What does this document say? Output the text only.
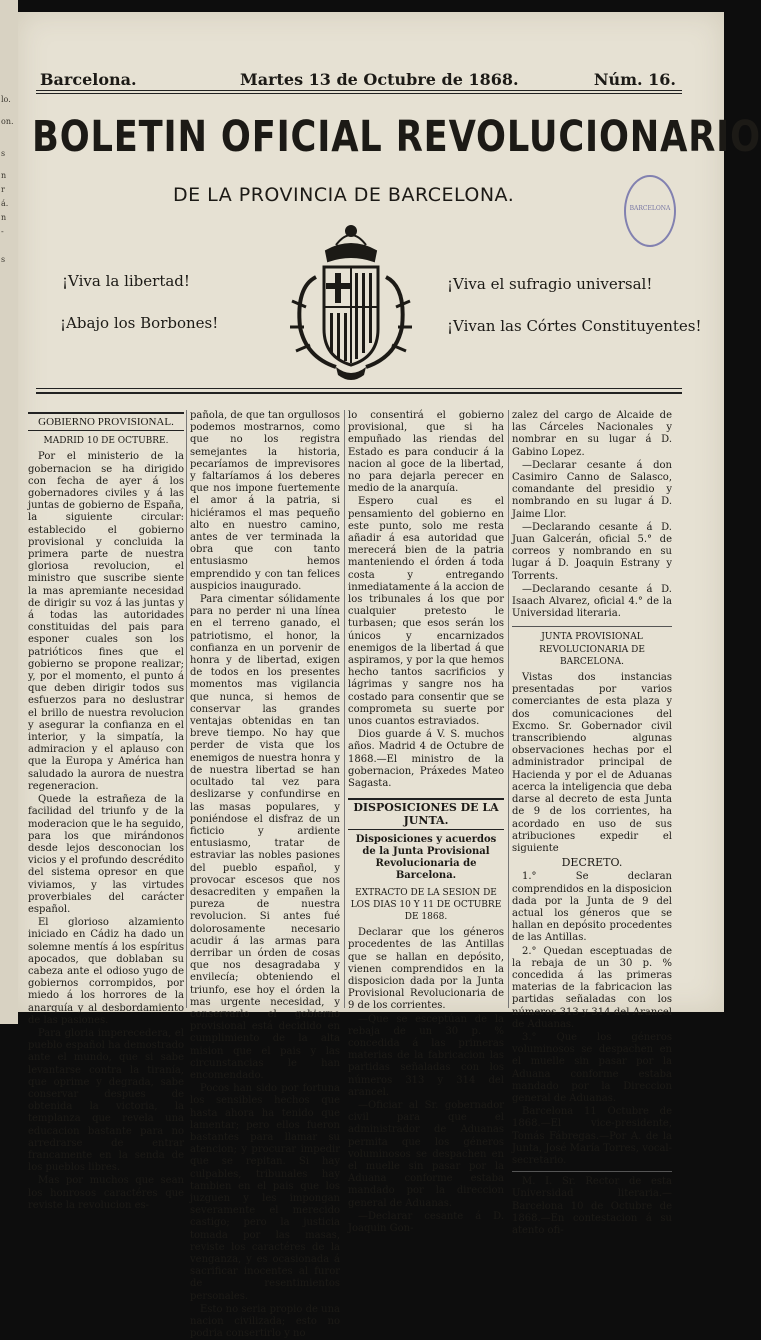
lo.
on.
s
n
r
á.
n
-
s
Barcelona.	Martes 13 de Octubre de 1868.	Núm. 16.
BOLETIN OFICIAL REVOLUCIONARIO
DE LA PROVINCIA DE BARCELONA.
BARCELONA
¡Viva la libertad!
¡Abajo los Borbones!
¡Viva el sufragio universal!
¡Vivan las Córtes Constituyentes!

GOBIERNO PROVISIONAL.

MADRID 10 DE OCTUBRE.

Por el ministerio de la gobernacion se ha dirigido con fecha de ayer á los gobernadores civiles y á las juntas de gobierno de España, la siguiente circular: establecido el gobierno provisional y concluida la primera parte de nuestra gloriosa revolucion, el ministro que suscribe siente la mas apremiante necesidad de dirigir su voz á las juntas y á todas las autoridades constituidas del pais para esponer cuales son los patrióticos fines que el gobierno se propone realizar; y, por el momento, el punto á que deben dirigir todos sus esfuerzos para no deslustrar el brillo de nuestra revolucion y asegurar la confianza en el interior, y la simpatía, la admiracion y el aplauso con que la Europa y América han saludado la aurora de nuestra regeneracion.

Quede la estrañeza de la facilidad del triunfo y de la moderacion que le ha seguido, para los que mirándonos desde lejos desconocian los vicios y el profundo descrédito del sistema opresor en que viviamos, y las virtudes proverbiales del carácter español.

El glorioso alzamiento iniciado en Cádiz ha dado un solemne mentís á los espíritus apocados, que doblaban su cabeza ante el odioso yugo de gobiernos corrompidos, por miedo á los horrores de la anarquía y al desbordamiento de las pasiones.

Para gloria imperecedera, el pueblo español ha demostrado ante el mundo, que si sabe levantarse contra la tiranía, que oprime y degrada, sabe conservar despues de obtenida la victoria, la templanza que revela una educacion bastante para no arredrarse de entrar francamente en la senda de los pueblos libres.

Mas por muchos que sean los honrosos caractéres que reviste la revolucion es-

pañola, de que tan orgullosos podemos mostrarnos, como que no los registra semejantes la historia, pecaríamos de imprevisores y faltaríamos á los deberes que nos impone fuertemente el amor á la patria, si hiciéramos el mas pequeño alto en nuestro camino, antes de ver terminada la obra que con tanto entusiasmo hemos emprendido y con tan felices auspicios inaugurado.

Para cimentar sólidamente para no perder ni una línea en el terreno ganado, el patriotismo, el honor, la confianza en un porvenir de honra y de libertad, exigen de todos en los presentes momentos mas vigilancia que nunca, si hemos de conservar las grandes ventajas obtenidas en tan breve tiempo. No hay que perder de vista que los enemigos de nuestra honra y de nuestra libertad se han ocultado tal vez para deslizarse y confundirse en las masas populares, y poniéndose el disfraz de un ficticio y ardiente entusiasmo, tratar de estraviar las nobles pasiones del pueblo español, y provocar escesos que nos desacrediten y empañen la pureza de nuestra revolucion. Si antes fué dolorosamente necesario acudir á las armas para derribar un órden de cosas que nos desagradaba y envilecía; obteniendo el triunfo, ese hoy el órden la mas urgente necesidad, y conservarlo el gobierno provisional está decidido en cumplimiento de la alta mision que el pais y las circunstancias le han encomendado.

Pocos han sido por fortuna los sensibles hechos que hasta ahora ha tenido que lamentar; pero ellos fueron bastantes para llamar su atencion; y procurar impedir que se repitan. Si hay culpables, tribunales hay tambien en el pais que los juzguen y les impongan severamente el merecido castigo; pero la justicia tomada por las masas, reviste los caractéres de la venganza, y es ocasionada á sacrificar inocentes al furor de resentimientos personales.

Esto no seria propio de una nacion civilizada; esto no podria consertirlo y no

lo consentirá el gobierno provisional, que si ha empuñado las riendas del Estado es para conducir á la nacion al goce de la libertad, no para dejarla perecer en medio de la anarquía.

Espero cual es el pensamiento del gobierno en este punto, solo me resta añadir á esa autoridad que merecerá bien de la patria manteniendo el órden á toda costa y entregando inmediatamente á la accion de los tribunales á los que por cualquier pretesto le turbasen; que esos serán los únicos y encarnizados enemigos de la libertad á que aspiramos, y por la que hemos hecho tantos sacrificios y lágrimas y sangre nos ha costado para consentir que se comprometa su suerte por unos cuantos estraviados.

Dios guarde á V. S. muchos años. Madrid 4 de Octubre de 1868.—El ministro de la gobernacion, Práxedes Mateo Sagasta.

DISPOSICIONES DE LA JUNTA.

Disposiciones y acuerdos de la Junta Provisional Revolucionaria de Barcelona.

EXTRACTO DE LA SESION DE LOS DIAS 10 Y 11 DE OCTUBRE DE 1868.

Declarar que los géneros procedentes de las Antillas que se hallan en depósito, vienen comprendidos en la disposicion dada por la Junta Provisional Revolucionaria de 9 de los corrientes.

—Que se esceptúan de la rebaja de un 30 p. % concedida á las primeras materias de la fabricacion las partidas señaladas con los números 313 y 314 del arancel.

—Oficiar al Sr. gobernador civil para que el administrador de Aduanas permita que los géneros voluminosos se despachen en el muelle sin pasar por la Aduana conforme estaba mandado por la direccion general de Aduanas.

—Declarar cesante á D. Joaquin Gon-

zalez del cargo de Alcaide de las Cárceles Nacionales y nombrar en su lugar á D. Gabino Lopez.

—Declarar cesante á don Casimiro Canno de Salasco, comandante del presidio y nombrando en su lugar á D. Jaime Llor.

—Declarando cesante á D. Juan Galcerán, oficial 5.° de correos y nombrando en su lugar á D. Joaquin Estrany y Torrents.

—Declarando cesante á D. Isaach Alvarez, oficial 4.° de la Universidad literaria.

JUNTA PROVISIONAL REVOLUCIONARIA DE BARCELONA.

Vistas dos instancias presentadas por varios comerciantes de esta plaza y dos comunicaciones del Excmo. Sr. Gobernador civil transcribiendo algunas observaciones hechas por el administrador principal de Hacienda y por el de Aduanas acerca la inteligencia que deba darse al decreto de esta Junta de 9 de los corrientes, ha acordado en uso de sus atribuciones expedir el siguiente

DECRETO.

1.° Se declaran comprendidos en la disposicion dada por la Junta de 9 del actual los géneros que se hallan en depósito procedentes de las Antillas.

2.° Quedan esceptuadas de la rebaja de un 30 p. % concedida á las primeras materias de la fabricacion las partidas señaladas con los números 313 y 314 del Arancel de Aduanas.

3.° Que los géneros voluminosos se despachen en el muelle sin pasar por la Aduana conforme estaba mandado por la Direccion general de Aduanas.

Barcelona 11 Octubre de 1868.—El vice-presidente, Tomás Fábregas.—Por A. de la Junta, José María Torres, vocal-secretario.

M. I. Sr. Rector de esta Universidad literaria.—Barcelona 10 de Octubre de 1868.—En contestacion á su atento ofi-
